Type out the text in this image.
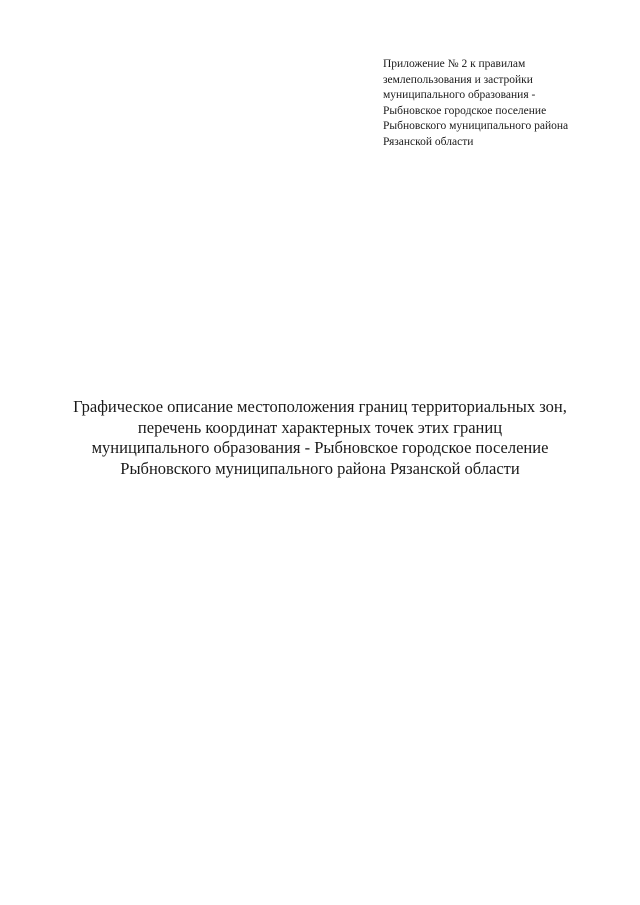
Приложение № 2 к правилам
землепользования и застройки
муниципального образования -
Рыбновское городское поселение
Рыбновского муниципального района
Рязанской области
Графическое описание местоположения границ территориальных зон,
перечень координат характерных точек этих границ
муниципального образования - Рыбновское городское поселение
Рыбновского муниципального района Рязанской области
